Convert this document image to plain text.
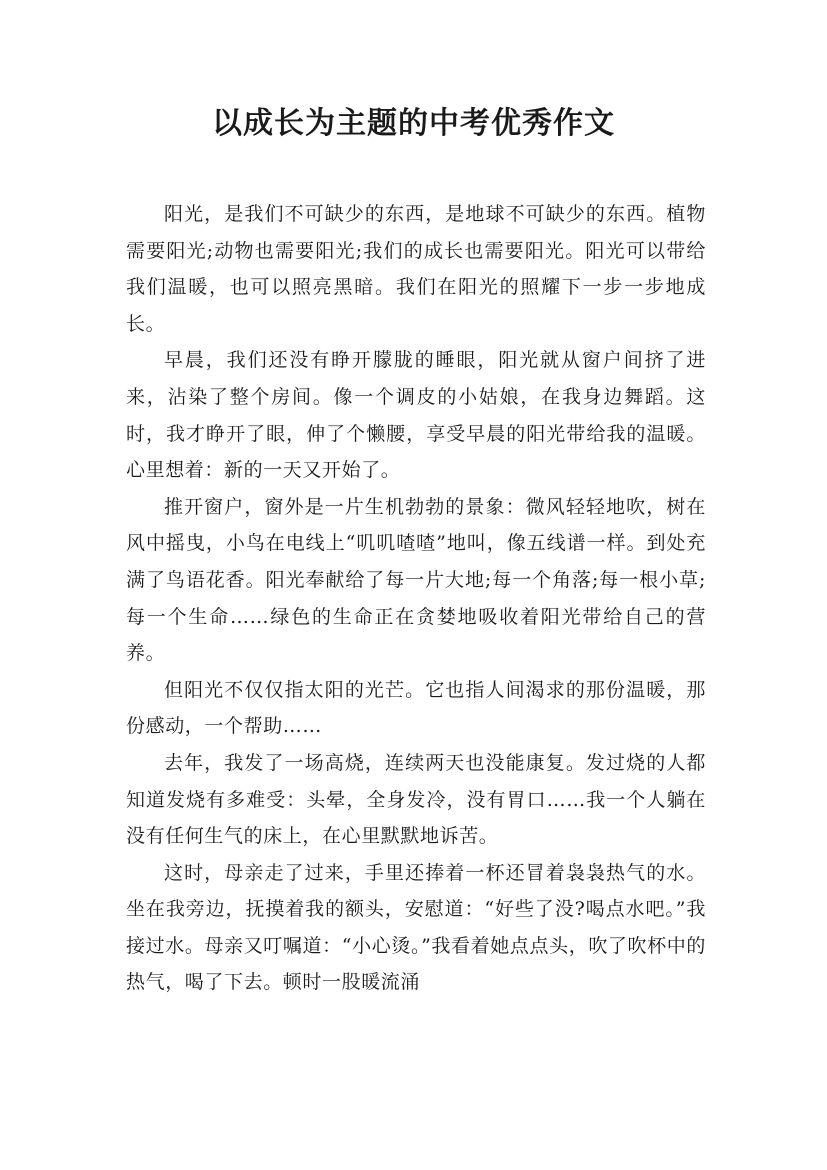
以成长为主题的中考优秀作文

阳光，是我们不可缺少的东西，是地球不可缺少的东西。植物需要阳光;动物也需要阳光;我们的成长也需要阳光。阳光可以带给我们温暖，也可以照亮黑暗。我们在阳光的照耀下一步一步地成长。

早晨，我们还没有睁开朦胧的睡眼，阳光就从窗户间挤了进来，沾染了整个房间。像一个调皮的小姑娘，在我身边舞蹈。这时，我才睁开了眼，伸了个懒腰，享受早晨的阳光带给我的温暖。心里想着：新的一天又开始了。

推开窗户，窗外是一片生机勃勃的景象：微风轻轻地吹，树在风中摇曳，小鸟在电线上“叽叽喳喳”地叫，像五线谱一样。到处充满了鸟语花香。阳光奉献给了每一片大地;每一个角落;每一根小草;每一个生命……绿色的生命正在贪婪地吸收着阳光带给自己的营养。

但阳光不仅仅指太阳的光芒。它也指人间渴求的那份温暖，那份感动，一个帮助……

去年，我发了一场高烧，连续两天也没能康复。发过烧的人都知道发烧有多难受：头晕，全身发冷，没有胃口……我一个人躺在没有任何生气的床上，在心里默默地诉苦。

这时，母亲走了过来，手里还捧着一杯还冒着袅袅热气的水。坐在我旁边，抚摸着我的额头，安慰道：“好些了没?喝点水吧。”我接过水。母亲又叮嘱道：“小心烫。”我看着她点点头，吹了吹杯中的热气，喝了下去。顿时一股暖流涌
